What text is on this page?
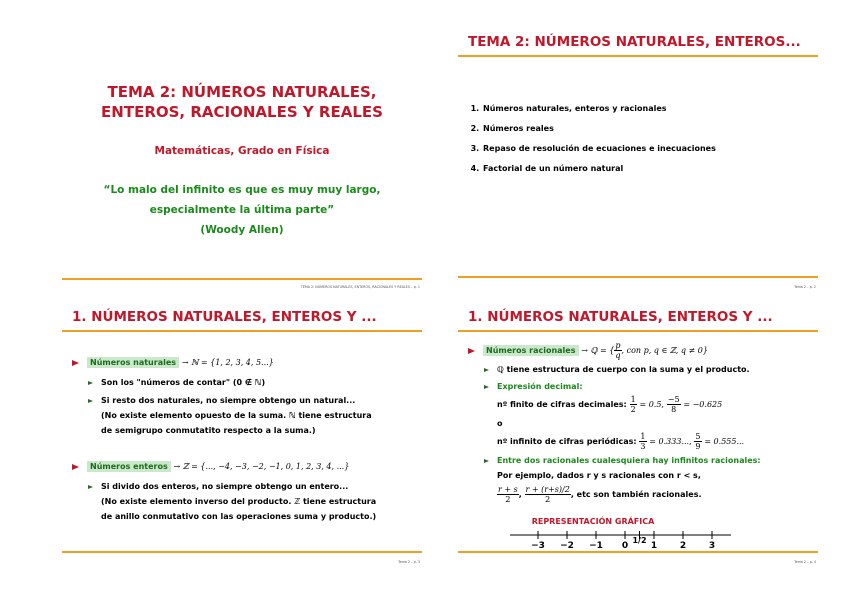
TEMA 2: NÚMEROS NATURALES,
ENTEROS, RACIONALES Y REALES
Matemáticas, Grado en Física
“Lo malo del infinito es que es muy muy largo,
especialmente la última parte”
(Woody Allen)
TEMA 2: NÚMEROS NATURALES, ENTEROS, RACIONALES Y REALES – p. 1
TEMA 2: NÚMEROS NATURALES, ENTEROS...
1. Números naturales, enteros y racionales
2. Números reales
3. Repaso de resolución de ecuaciones e inecuaciones
4. Factorial de un número natural
Tema 2 – p. 2
1. NÚMEROS NATURALES, ENTEROS Y ...
Números naturales → ℕ = {1, 2, 3, 4, 5...}
Son los "números de contar" (0 ∉ ℕ)
Si resto dos naturales, no siempre obtengo un natural...
(No existe elemento opuesto de la suma. ℕ tiene estructura
de semigrupo conmutatito respecto a la suma.)
Números enteros → ℤ = {..., −4, −3, −2, −1, 0, 1, 2, 3, 4, ...}
Si divido dos enteros, no siempre obtengo un entero...
(No existe elemento inverso del producto. ℤ tiene estructura
de anillo conmutativo con las operaciones suma y producto.)
Tema 2 – p. 3
1. NÚMEROS NATURALES, ENTEROS Y ...
Números racionales → ℚ = { $\frac{p}{q}$ , con p, q ∈ ℤ, q ≠ 0}
ℚ tiene estructura de cuerpo con la suma y el producto.
Expresión decimal:
nº finito de cifras decimales: $\frac{1}{2} = 0.5$, $\frac{-5}{8} = -0.625$
o
nº infinito de cifras periódicas: $\frac{1}{3} = 0.333$..., $\frac{5}{9} = 0.555$...
Entre dos racionales cualesquiera hay infinitos racionales:
Por ejemplo, dados r y s racionales con r < s,
$\frac{r + s}{2}$ , $\frac{r + (r+s)/2}{2}$ , etc son también racionales.
REPRESENTACIÓN GRÁFICA
−3 −2 −1 0
1/2
1	2	3
Tema 2 – p. 4
